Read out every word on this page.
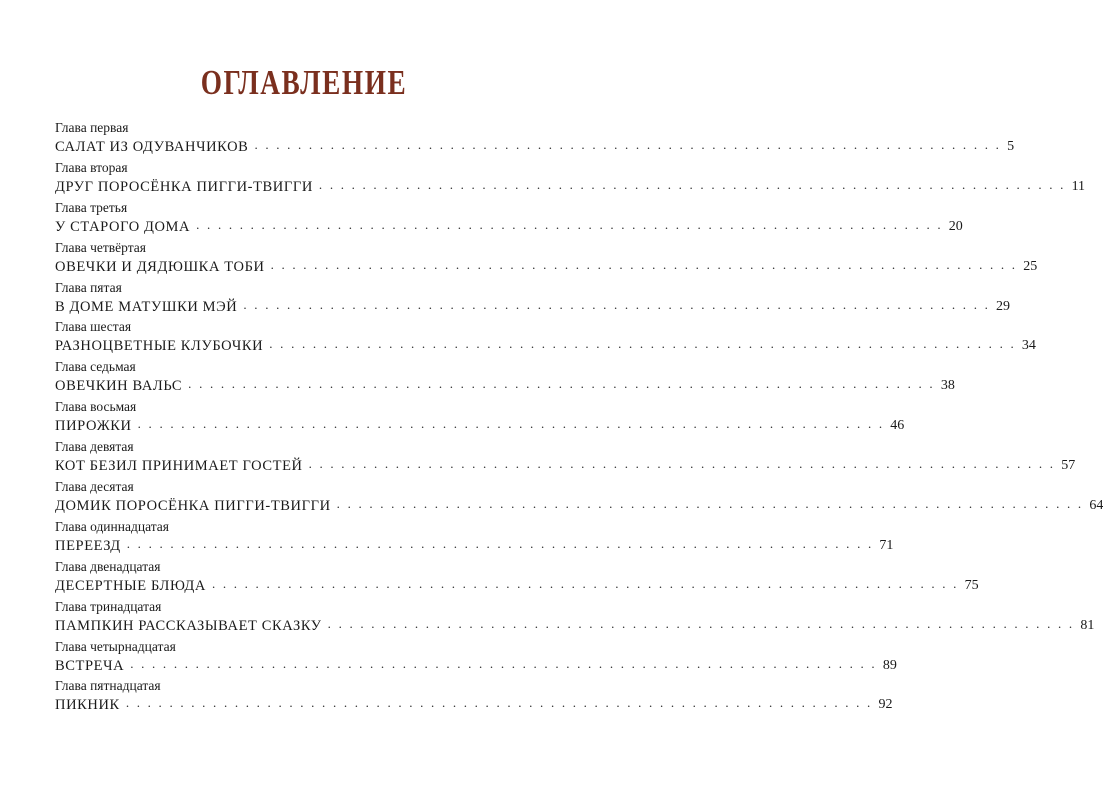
ОГЛАВЛЕНИЕ
Глава первая
САЛАТ ИЗ ОДУВАНЧИКОВ . . . . . . . . . . . . . . . . . . . . . . . . . . . . . . . . . . . . . . . . . . . . . . . . . . . . . . . . . . . . . . . . . . . . . 5
Глава вторая
ДРУГ ПОРОСЁНКА ПИГГИ-ТВИГГИ . . . . . . . . . . . . . . . . . . . . . . . . . . . . . . . . . . . . . . . . . . . . . . . . . . . . . . . . . . . . . . . . . . . . . 11
Глава третья
У СТАРОГО ДОМА . . . . . . . . . . . . . . . . . . . . . . . . . . . . . . . . . . . . . . . . . . . . . . . . . . . . . . . . . . . . . . . . . . . . . 20
Глава четвёртая
ОВЕЧКИ И ДЯДЮШКА ТОБИ . . . . . . . . . . . . . . . . . . . . . . . . . . . . . . . . . . . . . . . . . . . . . . . . . . . . . . . . . . . . . . . . . . . . . 25
Глава пятая
В ДОМЕ МАТУШКИ МЭЙ . . . . . . . . . . . . . . . . . . . . . . . . . . . . . . . . . . . . . . . . . . . . . . . . . . . . . . . . . . . . . . . . . . . . . 29
Глава шестая
РАЗНОЦВЕТНЫЕ КЛУБОЧКИ . . . . . . . . . . . . . . . . . . . . . . . . . . . . . . . . . . . . . . . . . . . . . . . . . . . . . . . . . . . . . . . . . . . . . 34
Глава седьмая
ОВЕЧКИН ВАЛЬС . . . . . . . . . . . . . . . . . . . . . . . . . . . . . . . . . . . . . . . . . . . . . . . . . . . . . . . . . . . . . . . . . . . . . 38
Глава восьмая
ПИРОЖКИ . . . . . . . . . . . . . . . . . . . . . . . . . . . . . . . . . . . . . . . . . . . . . . . . . . . . . . . . . . . . . . . . . . . . . 46
Глава девятая
КОТ БЕЗИЛ ПРИНИМАЕТ ГОСТЕЙ . . . . . . . . . . . . . . . . . . . . . . . . . . . . . . . . . . . . . . . . . . . . . . . . . . . . . . . . . . . . . . . . . . . . . 57
Глава десятая
ДОМИК ПОРОСЁНКА ПИГГИ-ТВИГГИ . . . . . . . . . . . . . . . . . . . . . . . . . . . . . . . . . . . . . . . . . . . . . . . . . . . . . . . . . . . . . . . . . . . . . 64
Глава одиннадцатая
ПЕРЕЕЗД . . . . . . . . . . . . . . . . . . . . . . . . . . . . . . . . . . . . . . . . . . . . . . . . . . . . . . . . . . . . . . . . . . . . . 71
Глава двенадцатая
ДЕСЕРТНЫЕ БЛЮДА . . . . . . . . . . . . . . . . . . . . . . . . . . . . . . . . . . . . . . . . . . . . . . . . . . . . . . . . . . . . . . . . . . . . . 75
Глава тринадцатая
ПАМПКИН РАССКАЗЫВАЕТ СКАЗКУ . . . . . . . . . . . . . . . . . . . . . . . . . . . . . . . . . . . . . . . . . . . . . . . . . . . . . . . . . . . . . . . . . . . . . 81
Глава четырнадцатая
ВСТРЕЧА . . . . . . . . . . . . . . . . . . . . . . . . . . . . . . . . . . . . . . . . . . . . . . . . . . . . . . . . . . . . . . . . . . . . . 89
Глава пятнадцатая
ПИКНИК . . . . . . . . . . . . . . . . . . . . . . . . . . . . . . . . . . . . . . . . . . . . . . . . . . . . . . . . . . . . . . . . . . . . . 92
